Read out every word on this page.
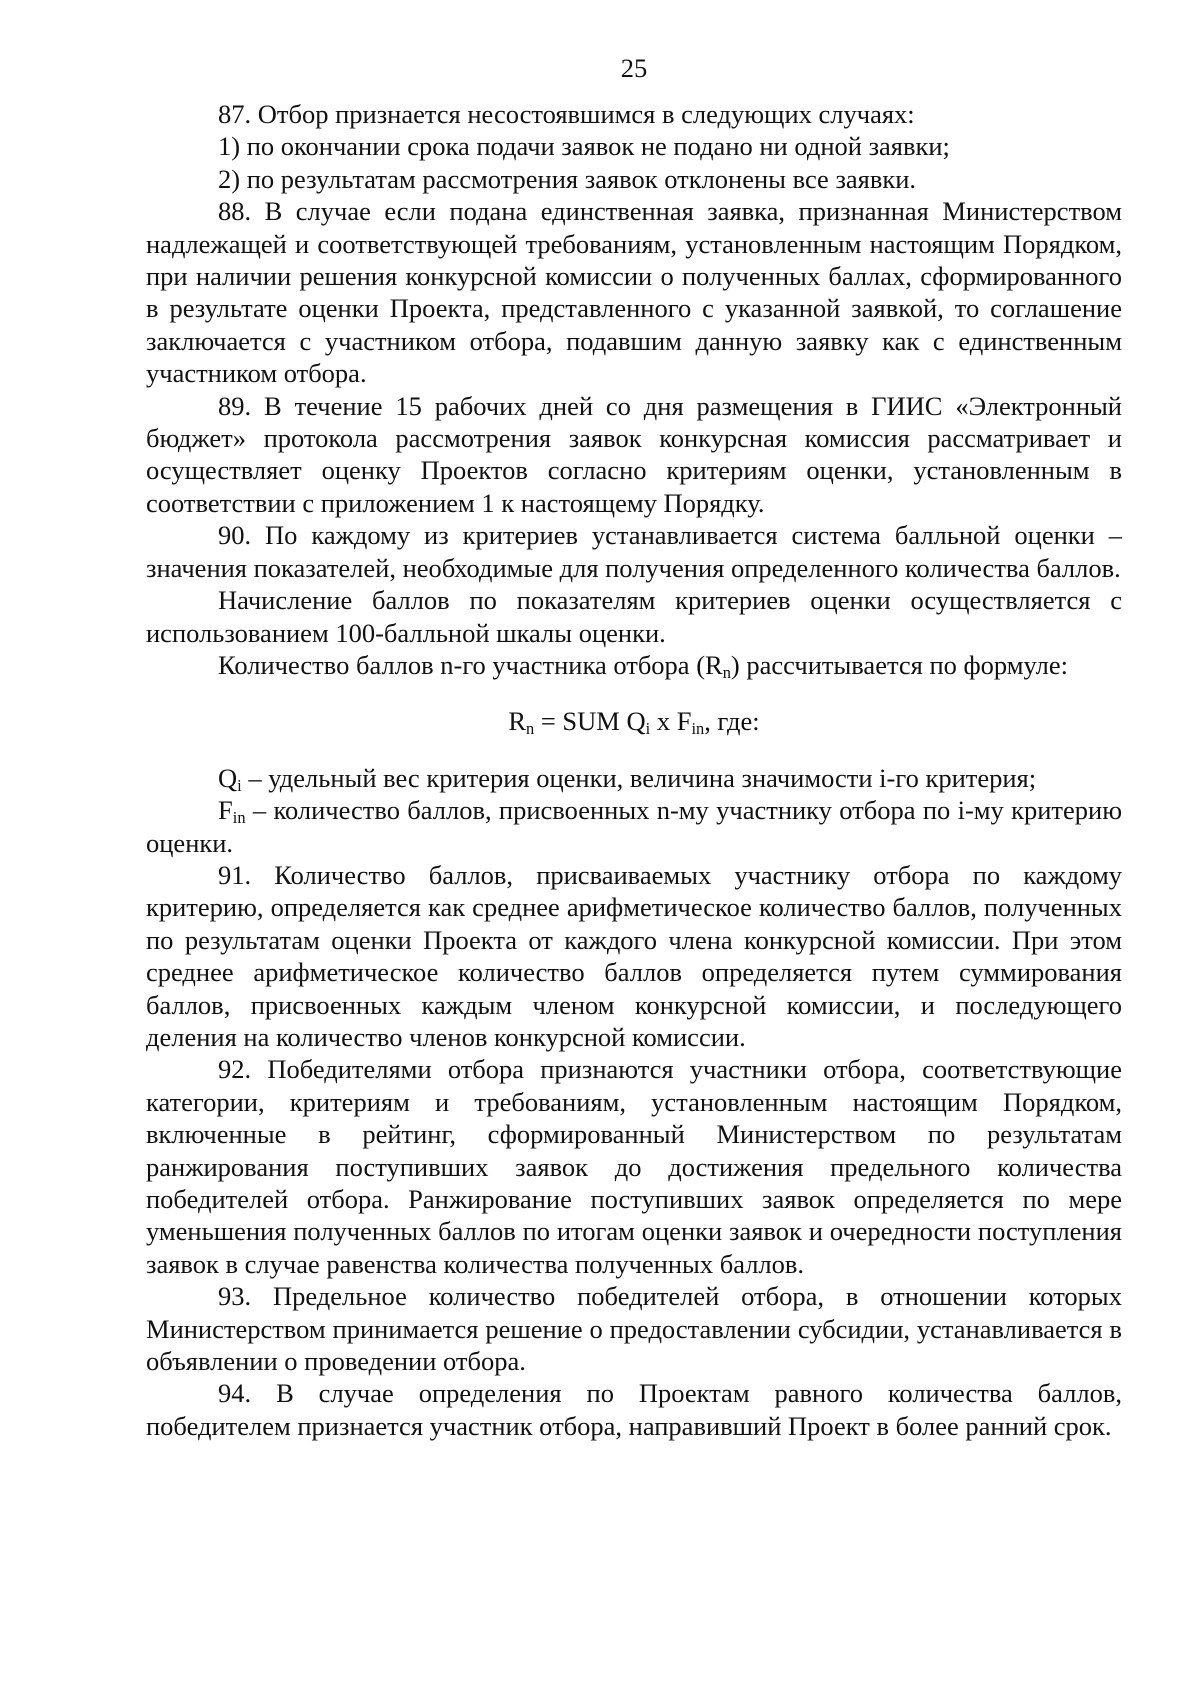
25

87. Отбор признается несостоявшимся в следующих случаях:

1) по окончании срока подачи заявок не подано ни одной заявки;

2) по результатам рассмотрения заявок отклонены все заявки.

88. В случае если подана единственная заявка, признанная Министерством надлежащей и соответствующей требованиям, установленным настоящим Порядком, при наличии решения конкурсной комиссии о полученных баллах, сформированного в результате оценки Проекта, представленного с указанной заявкой, то соглашение заключается с участником отбора, подавшим данную заявку как с единственным участником отбора.

89. В течение 15 рабочих дней со дня размещения в ГИИС «Электронный бюджет» протокола рассмотрения заявок конкурсная комиссия рассматривает и осуществляет оценку Проектов согласно критериям оценки, установленным в соответствии с приложением 1 к настоящему Порядку.

90. По каждому из критериев устанавливается система балльной оценки – значения показателей, необходимые для получения определенного количества баллов.

Начисление баллов по показателям критериев оценки осуществляется с использованием 100-балльной шкалы оценки.

Количество баллов n-го участника отбора $(R_n)$ рассчитывается по формуле:

$R_n$ = SUM $Q_i$ x $F_{in}$, где:

$Q_i$ – удельный вес критерия оценки, величина значимости i-го критерия;

$F_{in}$ – количество баллов, присвоенных n-му участнику отбора по i-му критерию оценки.

91. Количество баллов, присваиваемых участнику отбора по каждому критерию, определяется как среднее арифметическое количество баллов, полученных по результатам оценки Проекта от каждого члена конкурсной комиссии. При этом среднее арифметическое количество баллов определяется путем суммирования баллов, присвоенных каждым членом конкурсной комиссии, и последующего деления на количество членов конкурсной комиссии.

92. Победителями отбора признаются участники отбора, соответствующие категории, критериям и требованиям, установленным настоящим Порядком, включенные в рейтинг, сформированный Министерством по результатам ранжирования поступивших заявок до достижения предельного количества победителей отбора. Ранжирование поступивших заявок определяется по мере уменьшения полученных баллов по итогам оценки заявок и очередности поступления заявок в случае равенства количества полученных баллов.

93. Предельное количество победителей отбора, в отношении которых Министерством принимается решение о предоставлении субсидии, устанавливается в объявлении о проведении отбора.

94. В случае определения по Проектам равного количества баллов, победителем признается участник отбора, направивший Проект в более ранний срок.
